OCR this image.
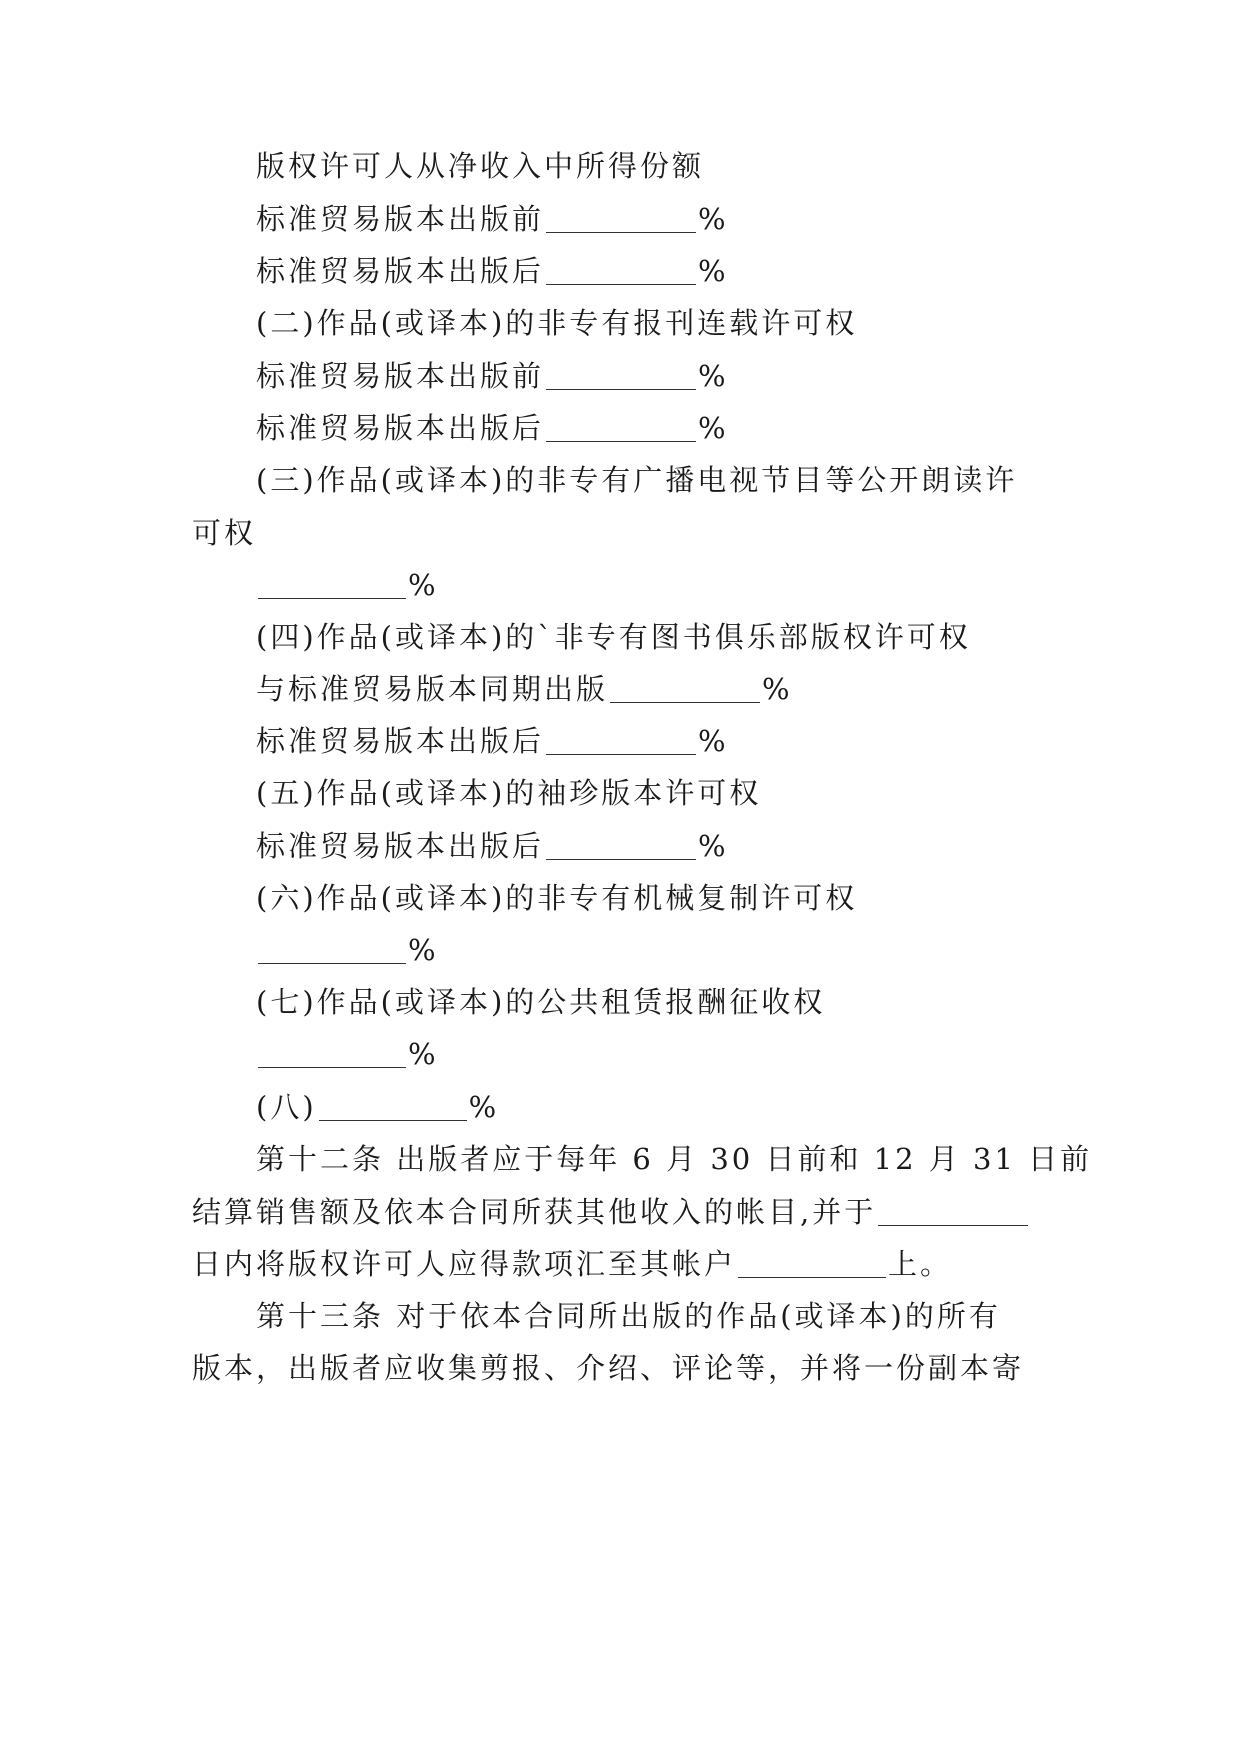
版权许可人从净收入中所得份额
标准贸易版本出版前	%
标准贸易版本出版后	%
(二)作品(或译本)的非专有报刊连载许可权
标准贸易版本出版前	%
标准贸易版本出版后	%
(三)作品(或译本)的非专有广播电视节目等公开朗读许
可权
%
(四)作品(或译本)的`非专有图书俱乐部版权许可权
与标准贸易版本同期出版	%
标准贸易版本出版后	%
(五)作品(或译本)的袖珍版本许可权
标准贸易版本出版后	%
(六)作品(或译本)的非专有机械复制许可权
%
(七)作品(或译本)的公共租赁报酬征收权
%
(八)	%
第十二条 出版者应于每年 6 月 30 日前和 12 月 31 日前
结算销售额及依本合同所获其他收入的帐目,并于
日内将版权许可人应得款项汇至其帐户	上。
第十三条 对于依本合同所出版的作品(或译本)的所有
版本，出版者应收集剪报、介绍、评论等，并将一份副本寄
